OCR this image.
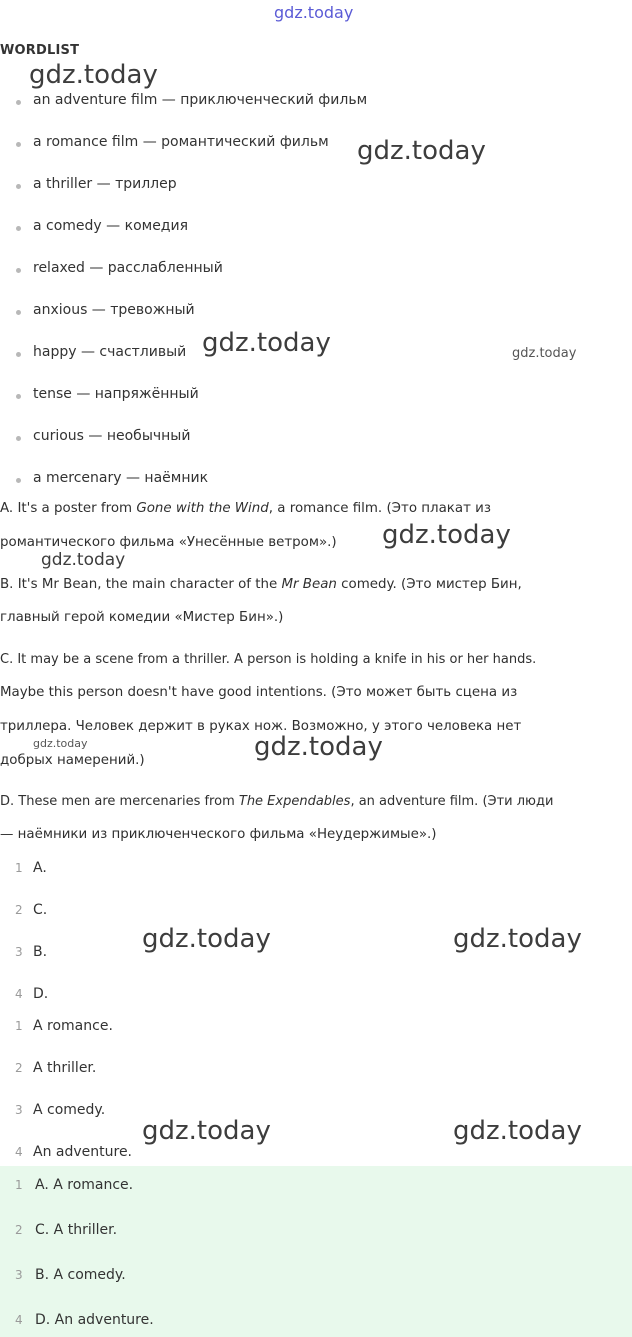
gdz.today
WORDLIST
an adventure film — приключенческий фильм
a romance film — романтический фильм
a thriller — триллер
a comedy — комедия
relaxed — расслабленный
anxious — тревожный
happy — счастливый
tense — напряжённый
curious — необычный
a mercenary — наёмник
A. It's a poster from Gone with the Wind, a romance film. (Это плакат из
романтического фильма «Унесённые ветром».)
B. It's Mr Bean, the main character of the Mr Bean comedy. (Это мистер Бин,
главный герой комедии «Мистер Бин».)
C. It may be a scene from a thriller. A person is holding a knife in his or her hands.
Maybe this person doesn't have good intentions. (Это может быть сцена из
триллера. Человек держит в руках нож. Возможно, у этого человека нет
добрых намерений.)
D. These men are mercenaries from The Expendables, an adventure film. (Эти люди
— наёмники из приключенческого фильма «Неудержимые».)
1 A.
2 C.
3 B.
4 D.
1 A romance.
2 A thriller.
3 A comedy.
4 An adventure.
1 A. A romance.
2 C. A thriller.
3 B. A comedy.
4 D. An adventure.
gdz.today
gdz.today
gdz.today	gdz.today
gdz.today
gdz.today
gdz.today	gdz.today
gdz.today	gdz.today
gdz.today	gdz.today
